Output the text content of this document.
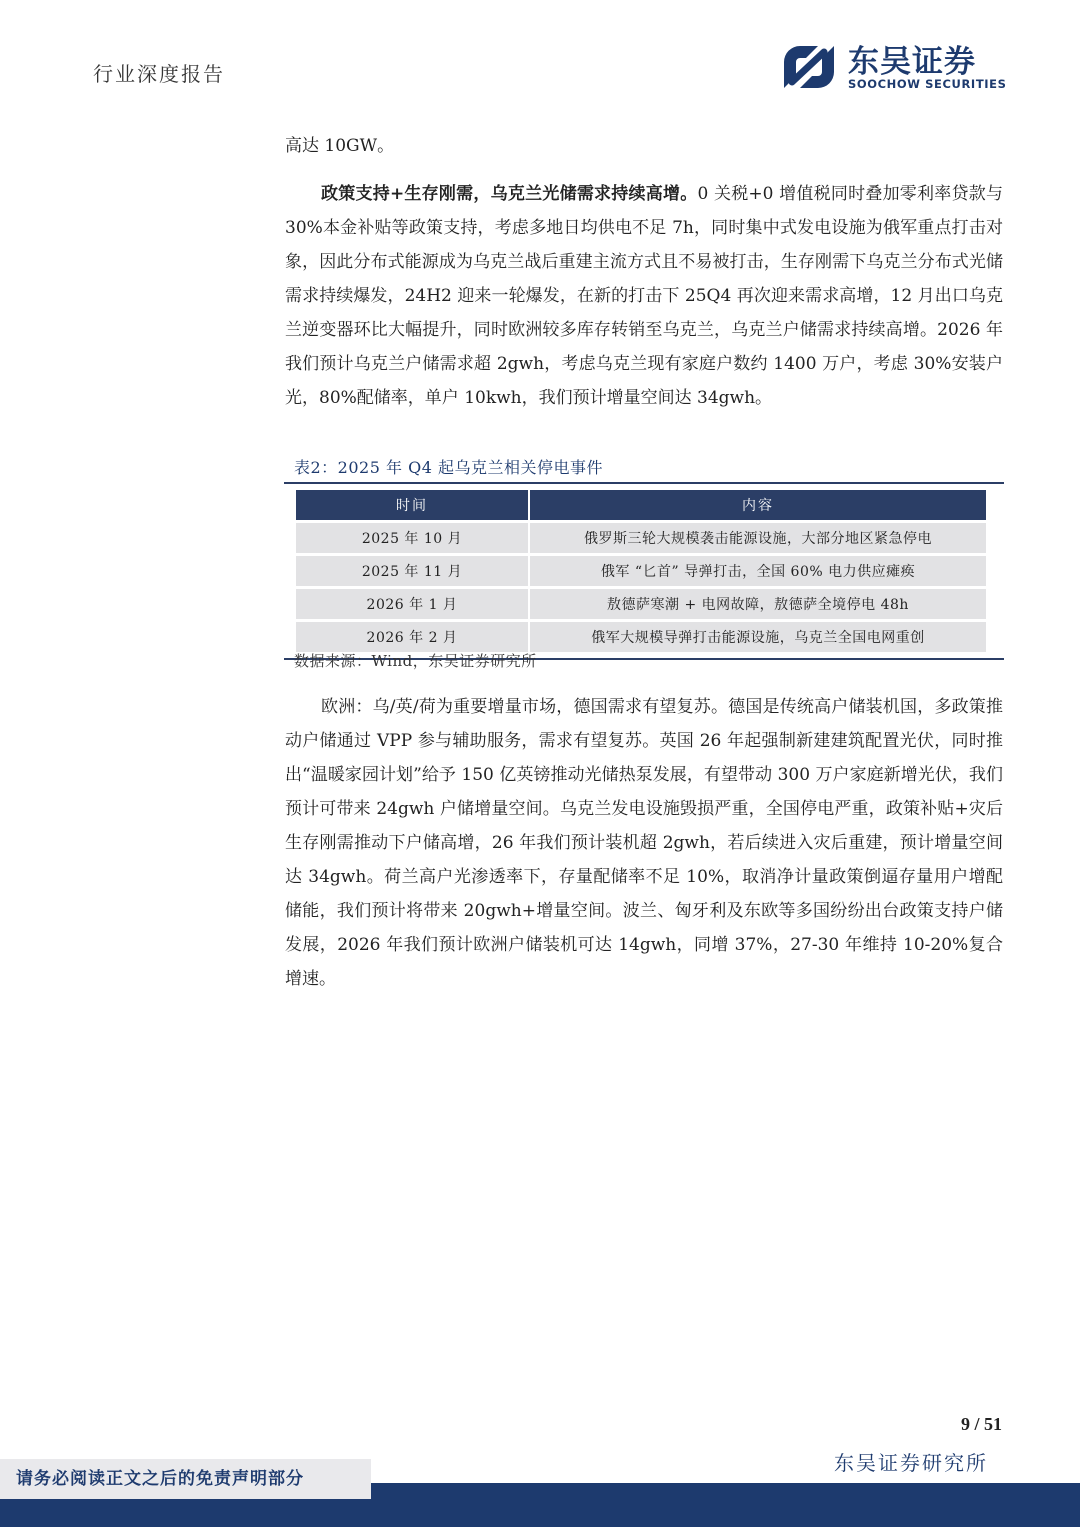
行业深度报告	东吴证券
SOOCHOW SECURITIES

高达 10GW。

政策支持+生存刚需，乌克兰光储需求持续高增。0 关税+0 增值税同时叠加零利率贷款与 30%本金补贴等政策支持，考虑多地日均供电不足 7h，同时集中式发电设施为俄军重点打击对象，因此分布式能源成为乌克兰战后重建主流方式且不易被打击，生存刚需下乌克兰分布式光储需求持续爆发，24H2 迎来一轮爆发，在新的打击下 25Q4 再次迎来需求高增，12 月出口乌克兰逆变器环比大幅提升，同时欧洲较多库存转销至乌克兰，乌克兰户储需求持续高增。2026 年我们预计乌克兰户储需求超 2gwh，考虑乌克兰现有家庭户数约 1400 万户，考虑 30%安装户光，80%配储率，单户 10kwh，我们预计增量空间达 34gwh。

表2：2025 年 Q4 起乌克兰相关停电事件
时间	内容
2025 年 10 月	俄罗斯三轮大规模袭击能源设施，大部分地区紧急停电
2025 年 11 月	俄军 “匕首” 导弹打击，全国 60% 电力供应瘫痪
2026 年 1 月	敖德萨寒潮 + 电网故障，敖德萨全境停电 48h
2026 年 2 月	俄军大规模导弹打击能源设施，乌克兰全国电网重创
数据来源：Wind，东吴证券研究所

欧洲：乌/英/荷为重要增量市场，德国需求有望复苏。德国是传统高户储装机国，多政策推动户储通过 VPP 参与辅助服务，需求有望复苏。英国 26 年起强制新建建筑配置光伏，同时推出“温暖家园计划”给予 150 亿英镑推动光储热泵发展，有望带动 300 万户家庭新增光伏，我们预计可带来 24gwh 户储增量空间。乌克兰发电设施毁损严重，全国停电严重，政策补贴+灾后生存刚需推动下户储高增，26 年我们预计装机超 2gwh，若后续进入灾后重建，预计增量空间达 34gwh。荷兰高户光渗透率下，存量配储率不足 10%，取消净计量政策倒逼存量用户增配储能，我们预计将带来 20gwh+增量空间。波兰、匈牙利及东欧等多国纷纷出台政策支持户储发展，2026 年我们预计欧洲户储装机可达 14gwh，同增 37%，27-30 年维持 10-20%复合增速。

9 / 51
东吴证券研究所
请务必阅读正文之后的免责声明部分
